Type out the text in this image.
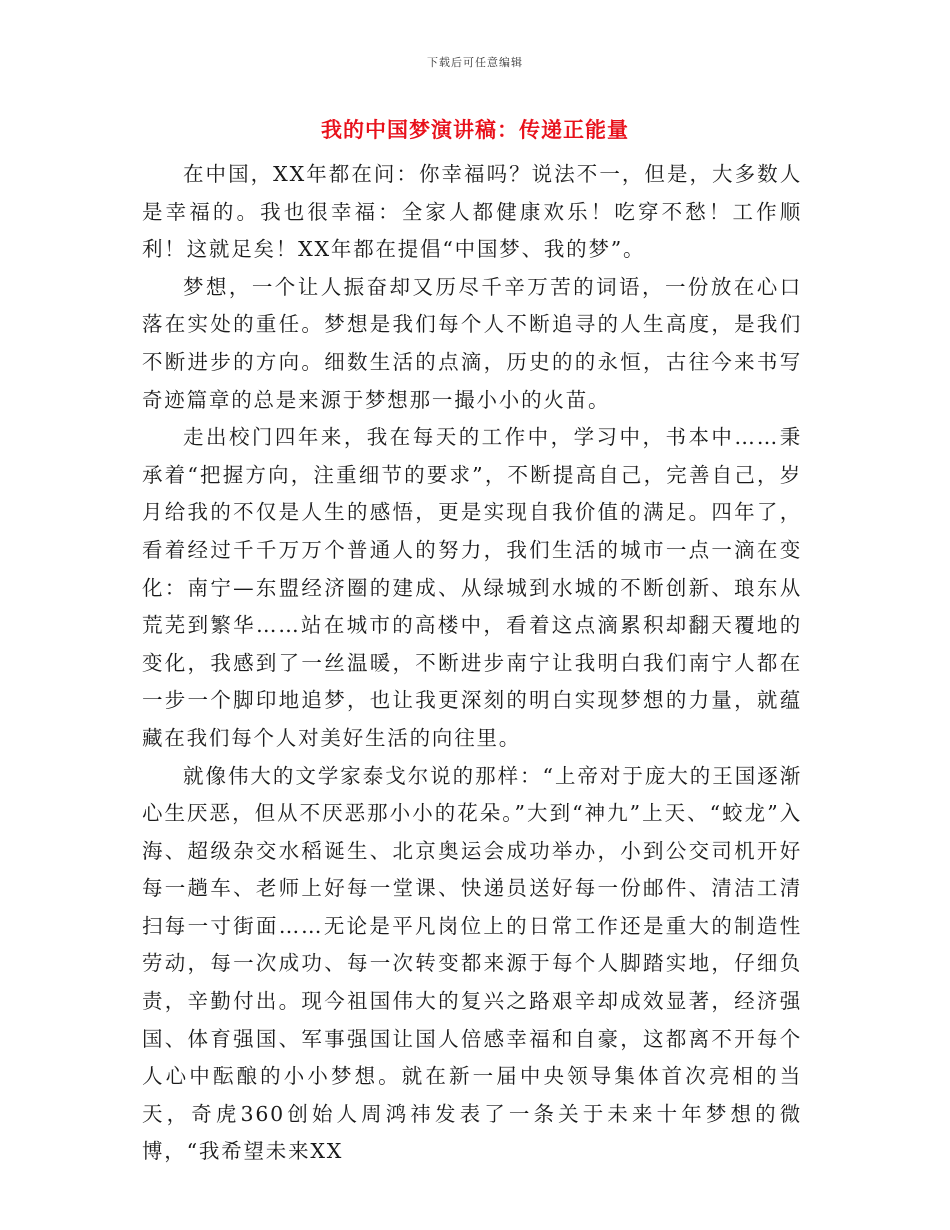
下载后可任意编辑
我的中国梦演讲稿：传递正能量

在中国，XX年都在问：你幸福吗？说法不一，但是，大多数人是幸福的。我也很幸福：全家人都健康欢乐！吃穿不愁！工作顺利！这就足矣！XX年都在提倡“中国梦、我的梦”。

梦想，一个让人振奋却又历尽千辛万苦的词语，一份放在心口落在实处的重任。梦想是我们每个人不断追寻的人生高度，是我们不断进步的方向。细数生活的点滴，历史的的永恒，古往今来书写奇迹篇章的总是来源于梦想那一撮小小的火苗。

走出校门四年来，我在每天的工作中，学习中，书本中……秉承着“把握方向，注重细节的要求”，不断提高自己，完善自己，岁月给我的不仅是人生的感悟，更是实现自我价值的满足。四年了，看着经过千千万万个普通人的努力，我们生活的城市一点一滴在变化：南宁—东盟经济圈的建成、从绿城到水城的不断创新、琅东从荒芜到繁华……站在城市的高楼中，看着这点滴累积却翻天覆地的变化，我感到了一丝温暖，不断进步南宁让我明白我们南宁人都在一步一个脚印地追梦，也让我更深刻的明白实现梦想的力量，就蕴藏在我们每个人对美好生活的向往里。

就像伟大的文学家泰戈尔说的那样：“上帝对于庞大的王国逐渐心生厌恶，但从不厌恶那小小的花朵。”大到“神九”上天、“蛟龙”入海、超级杂交水稻诞生、北京奥运会成功举办，小到公交司机开好每一趟车、老师上好每一堂课、快递员送好每一份邮件、清洁工清扫每一寸街面……无论是平凡岗位上的日常工作还是重大的制造性劳动，每一次成功、每一次转变都来源于每个人脚踏实地，仔细负责，辛勤付出。现今祖国伟大的复兴之路艰辛却成效显著，经济强国、体育强国、军事强国让国人倍感幸福和自豪，这都离不开每个人心中酝酿的小小梦想。就在新一届中央领导集体首次亮相的当天，奇虎360创始人周鸿祎发表了一条关于未来十年梦想的微博，“我希望未来XX
